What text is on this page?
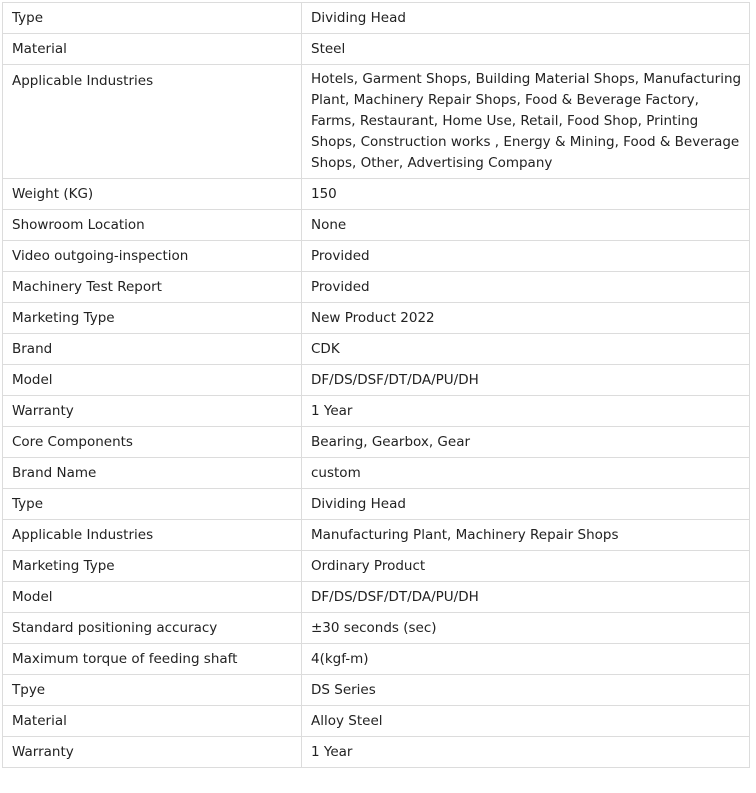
Type	Dividing Head
Material	Steel
Applicable Industries	Hotels, Garment Shops, Building Material Shops, Manufacturing Plant, Machinery Repair Shops, Food & Beverage Factory, Farms, Restaurant, Home Use, Retail, Food Shop, Printing Shops, Construction works , Energy & Mining, Food & Beverage Shops, Other, Advertising Company
Weight (KG)	150
Showroom Location	None
Video outgoing-inspection	Provided
Machinery Test Report	Provided
Marketing Type	New Product 2022
Brand	CDK
Model	DF/DS/DSF/DT/DA/PU/DH
Warranty	1 Year
Core Components	Bearing, Gearbox, Gear
Brand Name	custom
Type	Dividing Head
Applicable Industries	Manufacturing Plant, Machinery Repair Shops
Marketing Type	Ordinary Product
Model	DF/DS/DSF/DT/DA/PU/DH
Standard positioning accuracy	±30 seconds (sec)
Maximum torque of feeding shaft	4(kgf-m)
Tpye	DS Series
Material	Alloy Steel
Warranty	1 Year
